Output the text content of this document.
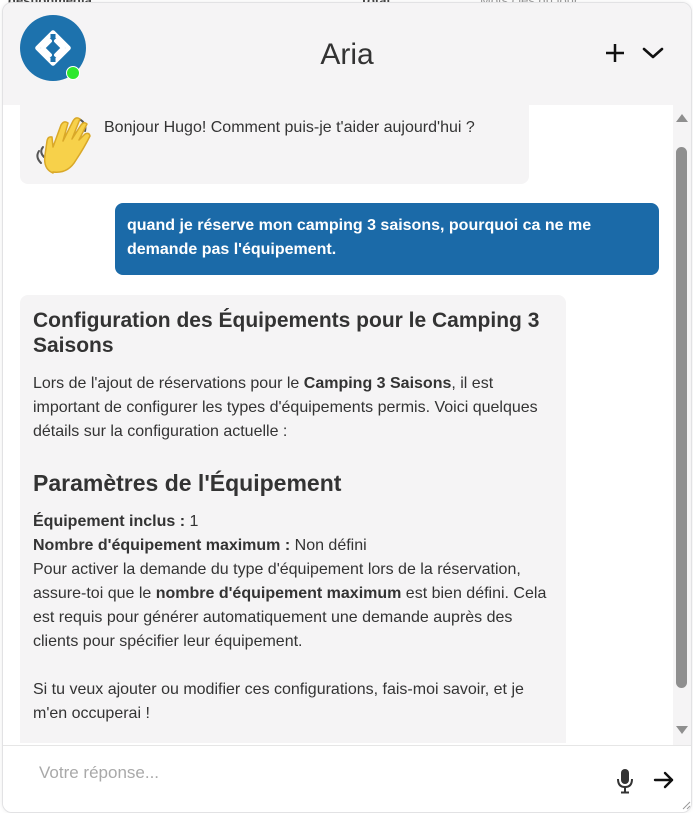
Aria
Bonjour Hugo! Comment puis-je t'aider aujourd'hui ?
quand je réserve mon camping 3 saisons, pourquoi ca ne me demande pas l'équipement.
Configuration des Équipements pour le Camping 3 Saisons

Lors de l'ajout de réservations pour le Camping 3 Saisons, il est important de configurer les types d'équipements permis. Voici quelques détails sur la configuration actuelle :

Paramètres de l'Équipement

Équipement inclus : 1

Nombre d'équipement maximum : Non défini

Pour activer la demande du type d'équipement lors de la réservation, assure-toi que le nombre d'équipement maximum est bien défini. Cela est requis pour générer automatiquement une demande auprès des clients pour spécifier leur équipement.

Si tu veux ajouter ou modifier ces configurations, fais-moi savoir, et je m'en occuperai !

Votre réponse...
